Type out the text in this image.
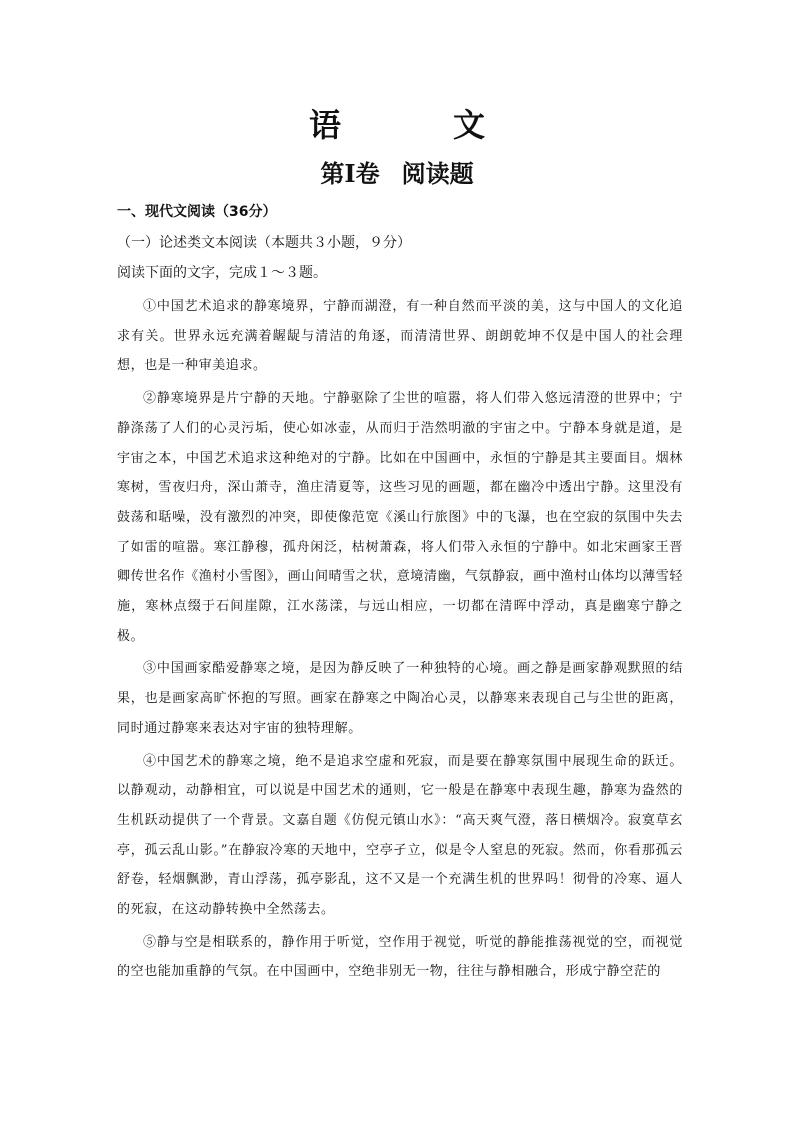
语　文
第Ⅰ卷 阅读题
一、现代文阅读（36分）
（一）论述类文本阅读（本题共３小题，９分）
阅读下面的文字，完成１～３题。

①中国艺术追求的静寒境界，宁静而湖澄，有一种自然而平淡的美，这与中国人的文化追求有关。世界永远充满着龌龊与清洁的角逐，而清清世界、朗朗乾坤不仅是中国人的社会理想，也是一种审美追求。

②静寒境界是片宁静的天地。宁静驱除了尘世的喧嚣，将人们带入悠远清澄的世界中；宁静涤荡了人们的心灵污垢，使心如冰壶，从而归于浩然明澈的宇宙之中。宁静本身就是道，是宇宙之本，中国艺术追求这种绝对的宁静。比如在中国画中，永恒的宁静是其主要面目。烟林寒树，雪夜归舟，深山萧寺，渔庄清夏等，这些习见的画题，都在幽冷中透出宁静。这里没有鼓荡和聒噪，没有激烈的冲突，即使像范宽《溪山行旅图》中的飞瀑，也在空寂的氛围中失去了如雷的喧嚣。寒江静穆，孤舟闲泛，枯树萧森，将人们带入永恒的宁静中。如北宋画家王晋卿传世名作《渔村小雪图》，画山间晴雪之状，意境清幽，气氛静寂，画中渔村山体均以薄雪轻施，寒林点缀于石间崖隙，江水荡漾，与远山相应，一切都在清晖中浮动，真是幽寒宁静之极。

③中国画家酷爱静寒之境，是因为静反映了一种独特的心境。画之静是画家静观默照的结果，也是画家高旷怀抱的写照。画家在静寒之中陶冶心灵，以静寒来表现自己与尘世的距离，同时通过静寒来表达对宇宙的独特理解。

④中国艺术的静寒之境，绝不是追求空虚和死寂，而是要在静寒氛围中展现生命的跃迁。以静观动，动静相宜，可以说是中国艺术的通则，它一般是在静寒中表现生趣，静寒为盎然的生机跃动提供了一个背景。文嘉自题《仿倪元镇山水》：“高天爽气澄，落日横烟冷。寂寞草玄亭，孤云乱山影。”在静寂冷寒的天地中，空亭孑立，似是令人窒息的死寂。然而，你看那孤云舒卷，轻烟飘渺，青山浮荡，孤亭影乱，这不又是一个充满生机的世界吗！彻骨的冷寒、逼人的死寂，在这动静转换中全然荡去。

⑤静与空是相联系的，静作用于听觉，空作用于视觉，听觉的静能推荡视觉的空，而视觉的空也能加重静的气氛。在中国画中，空绝非别无一物，往往与静相融合，形成宁静空茫的
